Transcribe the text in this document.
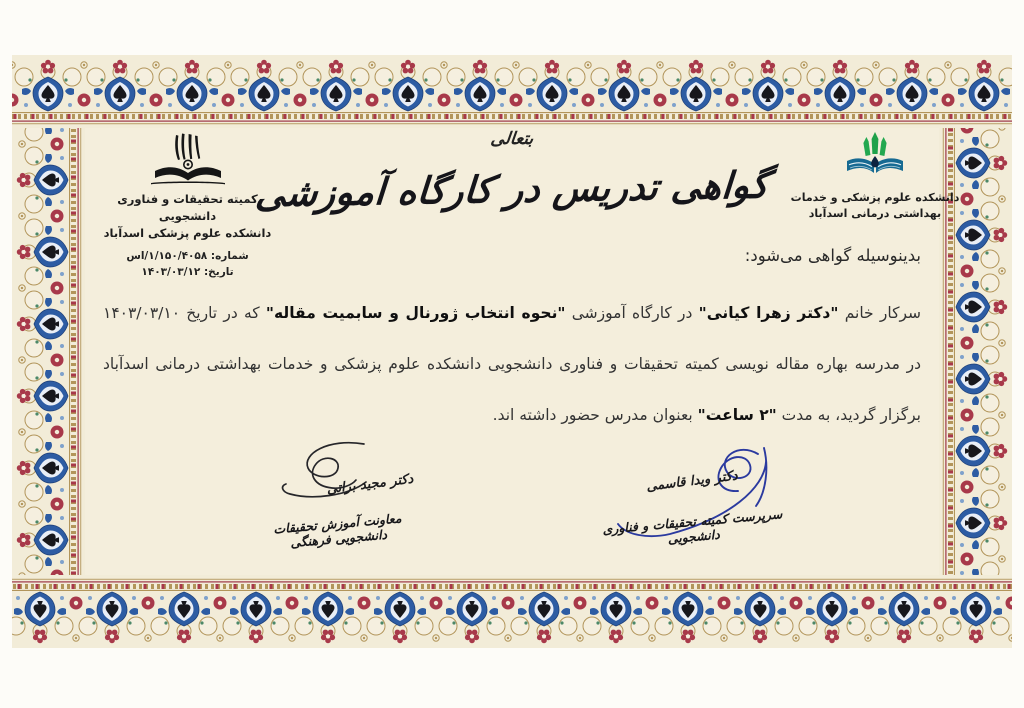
کمیته تحقیقات و فناوری دانشجویی
دانشکده علوم پزشکی اسدآباد
شماره: ۱/۱۵۰/۴۰۵۸/اس
تاریخ: ۱۴۰۳/۰۳/۱۲
بتعالی
گواهی تدریس در کارگاه آموزشی	دانشکده علوم پزشکی و خدمات
بهداشتی درمانی اسدآباد
بدینوسیله گواهی می‌شود:
سرکار خانم "دکتر زهرا کیانی" در کارگاه آموزشی "نحوه انتخاب ژورنال و سابمیت مقاله" که در تاریخ ۱۴۰۳/۰۳/۱۰
در مدرسه بهاره مقاله نویسی کمیته تحقیقات و فناوری دانشجویی دانشکده علوم پزشکی و خدمات بهداشتی درمانی اسدآباد
برگزار گردید، به مدت "۲ ساعت" بعنوان مدرس حضور داشته اند.
دکتر مجید براتی
معاونت آموزش تحقیقات دانشجویی فرهنگی
دکتر ویدا قاسمی
سرپرست کمیته تحقیقات و فناوری دانشجویی
